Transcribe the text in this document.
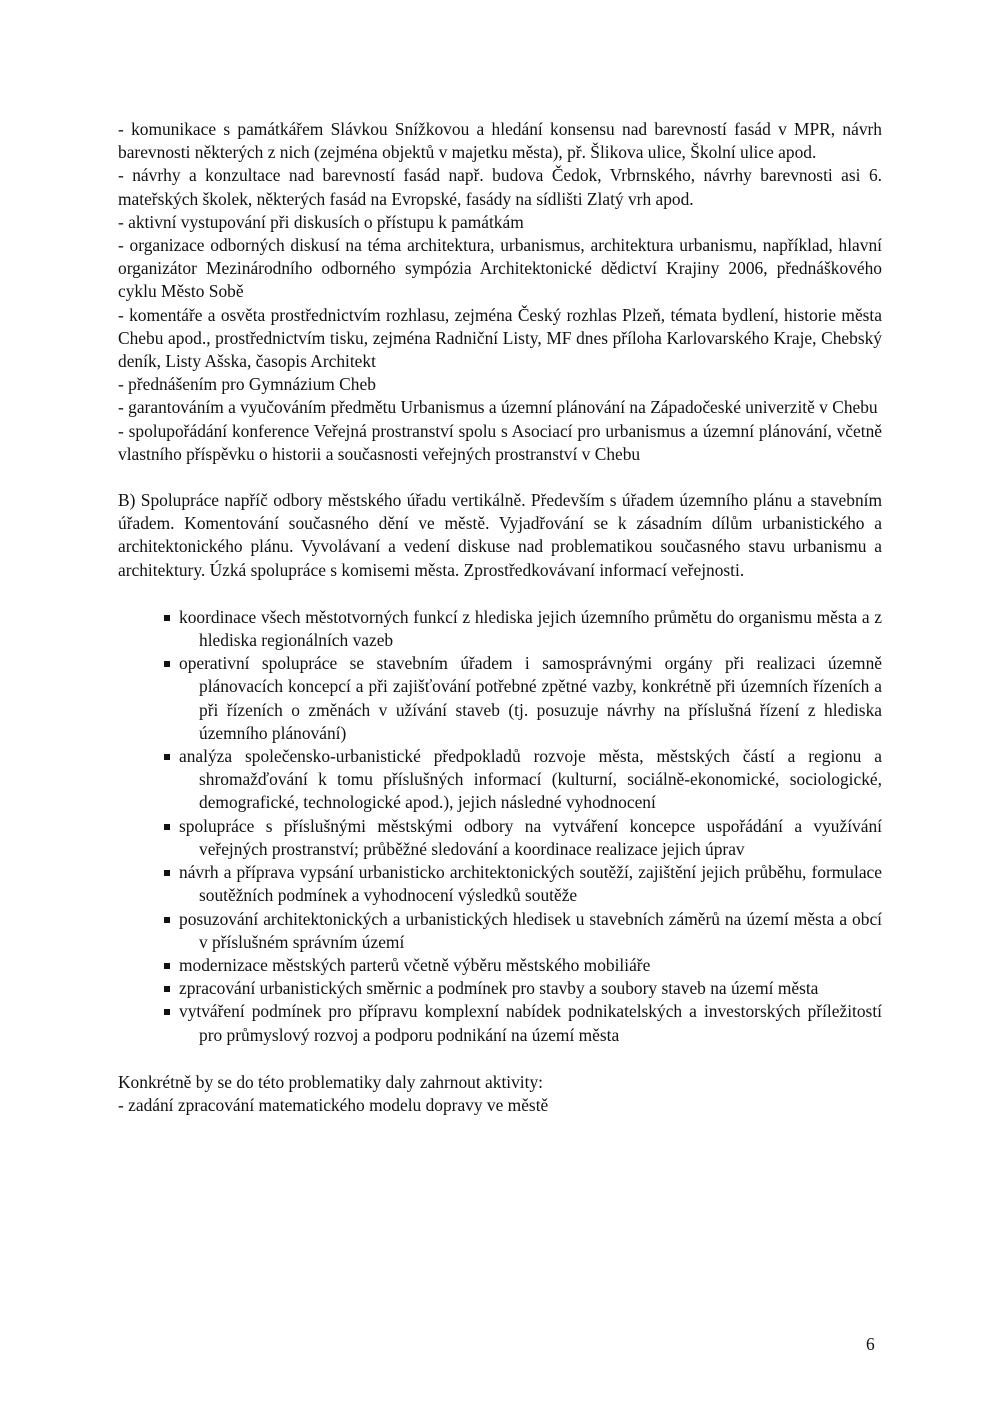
- komunikace s památkářem Slávkou Snížkovou a hledání konsensu nad barevností fasád v MPR, návrh barevnosti některých z nich (zejména objektů v majetku města), př. Šlikova ulice, Školní ulice apod.
- návrhy a konzultace nad barevností fasád např. budova Čedok, Vrbrnského, návrhy barevnosti asi 6. mateřských školek, některých fasád na Evropské, fasády na sídlišti Zlatý vrh apod.
- aktivní vystupování při diskusích o přístupu k památkám
- organizace odborných diskusí na téma architektura, urbanismus, architektura urbanismu, například, hlavní organizátor Mezinárodního odborného sympózia Architektonické dědictví Krajiny 2006, přednáškového cyklu Město Sobě
- komentáře a osvěta prostřednictvím rozhlasu, zejména Český rozhlas Plzeň, témata bydlení, historie města Chebu apod., prostřednictvím tisku, zejména Radniční Listy, MF dnes příloha Karlovarského Kraje, Chebský deník, Listy Ašska, časopis Architekt
- přednášením pro Gymnázium Cheb
- garantováním a vyučováním předmětu Urbanismus a územní plánování na Západočeské univerzitě v Chebu
- spolupořádání konference Veřejná prostranství spolu s Asociací pro urbanismus a územní plánování, včetně vlastního příspěvku o historii a současnosti veřejných prostranství v Chebu

B) Spolupráce napříč odbory městského úřadu vertikálně. Především s úřadem územního plánu a stavebním úřadem. Komentování současného dění ve městě. Vyjadřování se k zásadním dílům urbanistického a architektonického plánu. Vyvolávaní a vedení diskuse nad problematikou současného stavu urbanismu a architektury. Úzká spolupráce s komisemi města. Zprostředkovávaní informací veřejnosti.

koordinace všech městotvorných funkcí z hlediska jejich územního průmětu do organismu města a z hlediska regionálních vazeb
operativní spolupráce se stavebním úřadem i samosprávnými orgány při realizaci územně plánovacích koncepcí a při zajišťování potřebné zpětné vazby, konkrétně při územních řízeních a při řízeních o změnách v užívání staveb (tj. posuzuje návrhy na příslušná řízení z hlediska územního plánování)
analýza společensko-urbanistické předpokladů rozvoje města, městských částí a regionu a shromažďování k tomu příslušných informací (kulturní, sociálně-ekonomické, sociologické, demografické, technologické apod.), jejich následné vyhodnocení
spolupráce s příslušnými městskými odbory na vytváření koncepce uspořádání a využívání veřejných prostranství; průběžné sledování a koordinace realizace jejich úprav
návrh a příprava vypsání urbanisticko architektonických soutěží, zajištění jejich průběhu, formulace soutěžních podmínek a vyhodnocení výsledků soutěže
posuzování architektonických a urbanistických hledisek u stavebních záměrů na území města a obcí v příslušném správním území
modernizace městských parterů včetně výběru městského mobiliáře
zpracování urbanistických směrnic a podmínek pro stavby a soubory staveb na území města
vytváření podmínek pro přípravu komplexní nabídek podnikatelských a investorských příležitostí pro průmyslový rozvoj a podporu podnikání na území města

Konkrétně by se do této problematiky daly zahrnout aktivity:

- zadání zpracování matematického modelu dopravy ve městě

6
